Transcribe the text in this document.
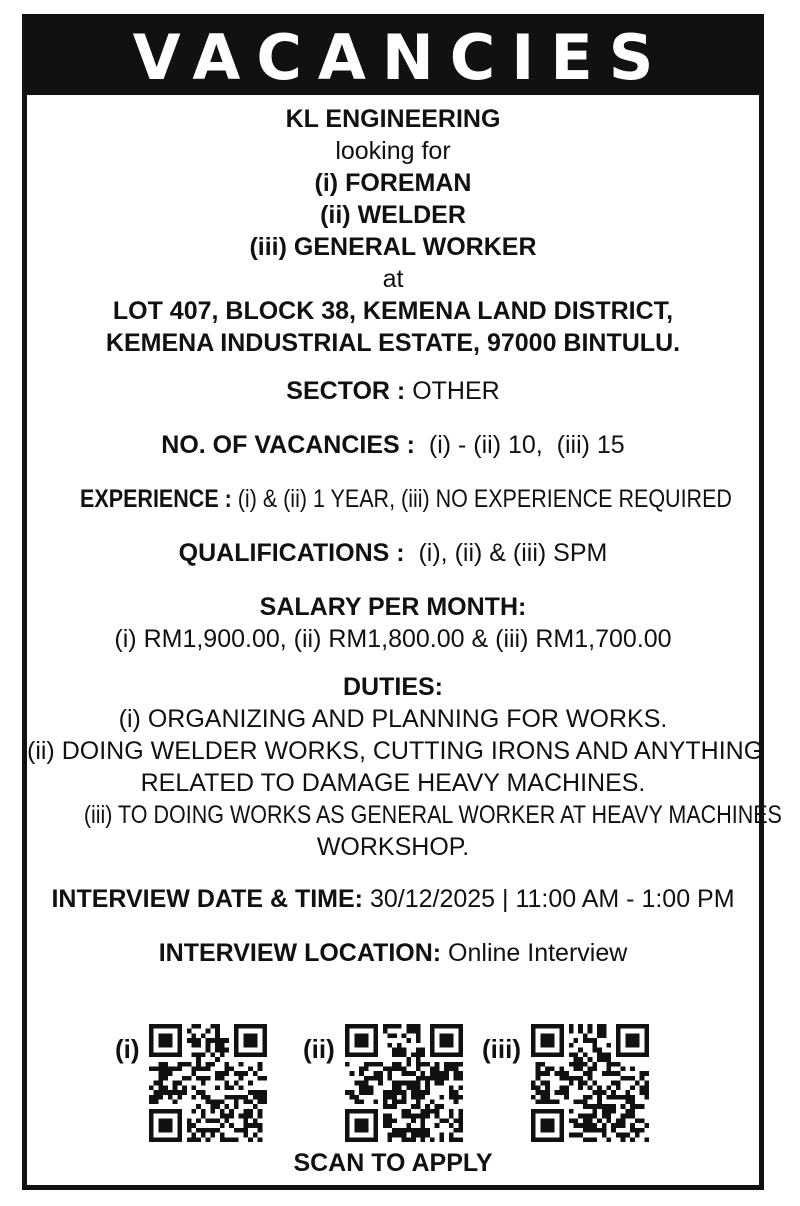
VACANCIES
KL ENGINEERING
looking for
(i) FOREMAN
(ii) WELDER
(iii) GENERAL WORKER
at
LOT 407, BLOCK 38, KEMENA LAND DISTRICT,
KEMENA INDUSTRIAL ESTATE, 97000 BINTULU.
SECTOR : OTHER
NO. OF VACANCIES :  (i) - (ii) 10,  (iii) 15
EXPERIENCE : (i) & (ii) 1 YEAR, (iii) NO EXPERIENCE REQUIRED
QUALIFICATIONS :  (i), (ii) & (iii) SPM
SALARY PER MONTH:
(i) RM1,900.00, (ii) RM1,800.00 & (iii) RM1,700.00
DUTIES:
(i) ORGANIZING AND PLANNING FOR WORKS.
(ii) DOING WELDER WORKS, CUTTING IRONS AND ANYTHING
RELATED TO DAMAGE HEAVY MACHINES.
(iii) TO DOING WORKS AS GENERAL WORKER AT HEAVY MACHINES
WORKSHOP.
INTERVIEW DATE & TIME: 30/12/2025 | 11:00 AM - 1:00 PM
INTERVIEW LOCATION: Online Interview
(i)	(ii)	(iii)
SCAN TO APPLY
